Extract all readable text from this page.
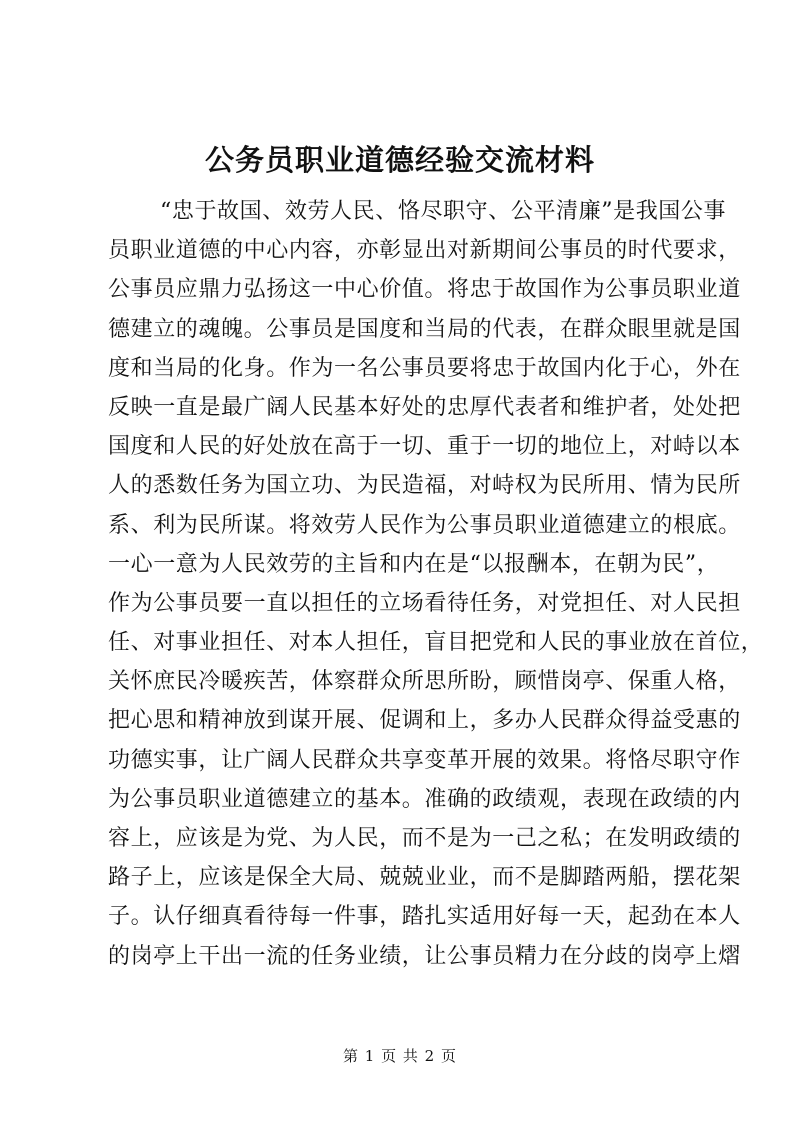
公务员职业道德经验交流材料
“忠于故国、效劳人民、恪尽职守、公平清廉”是我国公事
员职业道德的中心内容，亦彰显出对新期间公事员的时代要求，
公事员应鼎力弘扬这一中心价值。将忠于故国作为公事员职业道
德建立的魂魄。公事员是国度和当局的代表，在群众眼里就是国
度和当局的化身。作为一名公事员要将忠于故国内化于心，外在
反映一直是最广阔人民基本好处的忠厚代表者和维护者，处处把
国度和人民的好处放在高于一切、重于一切的地位上，对峙以本
人的悉数任务为国立功、为民造福，对峙权为民所用、情为民所
系、利为民所谋。将效劳人民作为公事员职业道德建立的根底。
一心一意为人民效劳的主旨和内在是“以报酬本，在朝为民”，
作为公事员要一直以担任的立场看待任务，对党担任、对人民担
任、对事业担任、对本人担任，盲目把党和人民的事业放在首位，
关怀庶民冷暖疾苦，体察群众所思所盼，顾惜岗亭、保重人格，
把心思和精神放到谋开展、促调和上，多办人民群众得益受惠的
功德实事，让广阔人民群众共享变革开展的效果。将恪尽职守作
为公事员职业道德建立的基本。准确的政绩观，表现在政绩的内
容上，应该是为党、为人民，而不是为一己之私；在发明政绩的
路子上，应该是保全大局、兢兢业业，而不是脚踏两船，摆花架
子。认仔细真看待每一件事，踏扎实适用好每一天，起劲在本人
的岗亭上干出一流的任务业绩，让公事员精力在分歧的岗亭上熠
第 1 页 共 2 页
